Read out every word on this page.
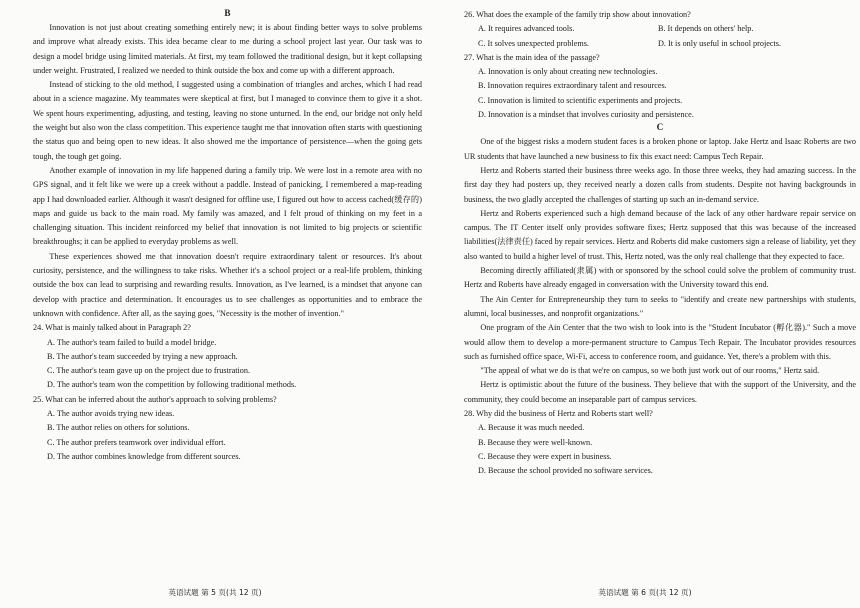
B

Innovation is not just about creating something entirely new; it is about finding better ways to solve problems and improve what already exists. This idea became clear to me during a school project last year. Our task was to design a model bridge using limited materials. At first, my team followed the traditional design, but it kept collapsing under weight. Frustrated, I realized we needed to think outside the box and come up with a different approach.

Instead of sticking to the old method, I suggested using a combination of triangles and arches, which I had read about in a science magazine. My teammates were skeptical at first, but I managed to convince them to give it a shot. We spent hours experimenting, adjusting, and testing, leaving no stone unturned. In the end, our bridge not only held the weight but also won the class competition. This experience taught me that innovation often starts with questioning the status quo and being open to new ideas. It also showed me the importance of persistence—when the going gets tough, the tough get going.

Another example of innovation in my life happened during a family trip. We were lost in a remote area with no GPS signal, and it felt like we were up a creek without a paddle. Instead of panicking, I remembered a map-reading app I had downloaded earlier. Although it wasn't designed for offline use, I figured out how to access cached(缓存的) maps and guide us back to the main road. My family was amazed, and I felt proud of thinking on my feet in a challenging situation. This incident reinforced my belief that innovation is not limited to big projects or scientific breakthroughs; it can be applied to everyday problems as well.

These experiences showed me that innovation doesn't require extraordinary talent or resources. It's about curiosity, persistence, and the willingness to take risks. Whether it's a school project or a real-life problem, thinking outside the box can lead to surprising and rewarding results. Innovation, as I've learned, is a mindset that anyone can develop with practice and determination. It encourages us to see challenges as opportunities and to embrace the unknown with confidence. After all, as the saying goes, "Necessity is the mother of invention."

24. What is mainly talked about in Paragraph 2?

A. The author's team failed to build a model bridge.

B. The author's team succeeded by trying a new approach.

C. The author's team gave up on the project due to frustration.

D. The author's team won the competition by following traditional methods.

25. What can be inferred about the author's approach to solving problems?

A. The author avoids trying new ideas.

B. The author relies on others for solutions.

C. The author prefers teamwork over individual effort.

D. The author combines knowledge from different sources.

英语试题 第 5 页(共 12 页)

26. What does the example of the family trip show about innovation?

A. It requires advanced tools.	B. It depends on others' help.
C. It solves unexpected problems.	D. It is only useful in school projects.

27. What is the main idea of the passage?

A. Innovation is only about creating new technologies.

B. Innovation requires extraordinary talent and resources.

C. Innovation is limited to scientific experiments and projects.

D. Innovation is a mindset that involves curiosity and persistence.

C

One of the biggest risks a modern student faces is a broken phone or laptop. Jake Hertz and Isaac Roberts are two UR students that have launched a new business to fix this exact need: Campus Tech Repair.

Hertz and Roberts started their business three weeks ago. In those three weeks, they had amazing success. In the first day they had posters up, they received nearly a dozen calls from students. Despite not having backgrounds in business, the two gladly accepted the challenges of starting up such an in-demand service.

Hertz and Roberts experienced such a high demand because of the lack of any other hardware repair service on campus. The IT Center itself only provides software fixes; Hertz supposed that this was because of the increased liabilities(法律责任) faced by repair services. Hertz and Roberts did make customers sign a release of liability, yet they also wanted to build a higher level of trust. This, Hertz noted, was the only real challenge that they expected to face.

Becoming directly affiliated(隶属) with or sponsored by the school could solve the problem of community trust. Hertz and Roberts have already engaged in conversation with the University toward this end.

The Ain Center for Entrepreneurship they turn to seeks to "identify and create new partnerships with students, alumni, local businesses, and nonprofit organizations."

One program of the Ain Center that the two wish to look into is the "Student Incubator (孵化器)." Such a move would allow them to develop a more-permanent structure to Campus Tech Repair. The Incubator provides resources such as furnished office space, Wi-Fi, access to conference room, and guidance. Yet, there's a problem with this.

"The appeal of what we do is that we're on campus, so we both just work out of our rooms," Hertz said.

Hertz is optimistic about the future of the business. They believe that with the support of the University, and the community, they could become an inseparable part of campus services.

28. Why did the business of Hertz and Roberts start well?

A. Because it was much needed.

B. Because they were well-known.

C. Because they were expert in business.

D. Because the school provided no software services.

英语试题 第 6 页(共 12 页)
